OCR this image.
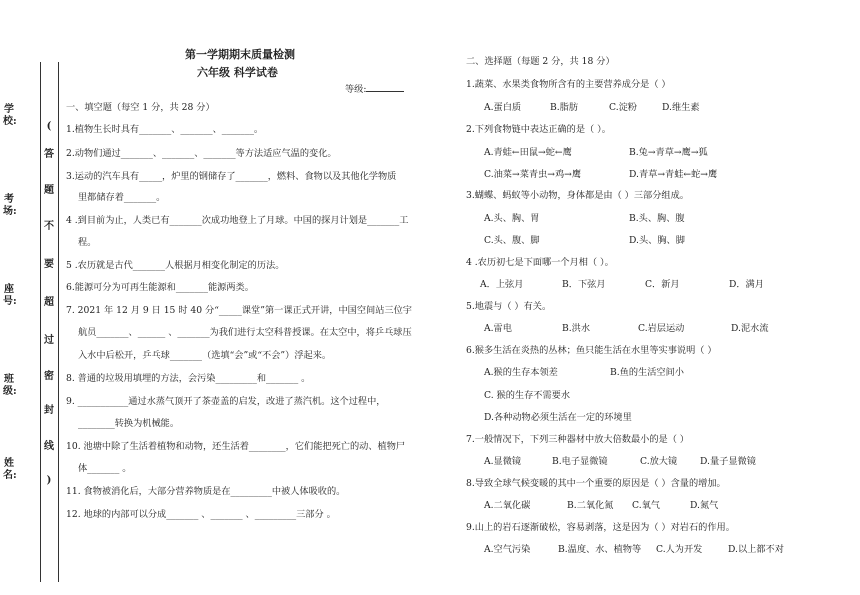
学校:
考场:
座号:
班级:
姓名:
(
答
题
不
要
超
过
密
封
线
)
第一学期期末质量检测
六年级 科学试卷
等级:
一、填空题（每空 1 分，共 28 分）
1.植物生长时具有_______、_______、_______。
2.动物们通过_______、_______、_______等方法适应气温的变化。
3.运动的汽车具有_____，炉里的钢储存了_______，燃料、食物以及其他化学物质
里都储存着_______。
4 .到目前为止，人类已有_______次成功地登上了月球。中国的探月计划是_______工
程。
5 .农历就是古代_______人根据月相变化制定的历法。
6.能源可分为可再生能源和_______能源两类。
7. 2021 年 12 月 9 日 15 时 40 分“_____课堂”第一课正式开讲，中国空间站三位宇
航员_______、______ 、_______为我们进行太空科普授课。在太空中，将乒乓球压
入水中后松开，乒乓球_______（选填“会”或“不会”）浮起来。
8. 普通的垃圾用填埋的方法，会污染_________和_______ 。
9. ___________通过水蒸气顶开了茶壶盖的启发，改进了蒸汽机。这个过程中，
________转换为机械能。
10. 池塘中除了生活着植物和动物，还生活着________，它们能把死亡的动、植物尸
体_______ 。
11. 食物被消化后，大部分营养物质是在_________中被人体吸收的。
12. 地球的内部可以分成_______ 、_______ 、_________三部分 。
二、选择题（每题 2 分，共 18 分）
1.蔬菜、水果类食物所含有的主要营养成分是（ ）
A.蛋白质	B.脂肪	C.淀粉	D.维生素
2.下列食物链中表达正确的是（ ）。
A.青蛙←田鼠→蛇←鹰	B.兔→青草→鹰→狐
C.油菜→菜青虫→鸡→鹰	D.青草→青蛙←蛇→鹰
3.蝴蝶、蚂蚁等小动物，身体都是由（ ）三部分组成。
A.头、胸、胃	B.头、胸、腹
C.头、腹、脚	D.头、胸、脚
4 .农历初七是下面哪一个月相（ ）。
A．上弦月	B．下弦月	C．新月	D．满月
5.地震与（ ）有关。
A.雷电	B.洪水	C.岩层运动	D.泥水流
6.猴多生活在炎热的丛林；鱼只能生活在水里等实事说明（ ）
A.猴的生存本领差	B.鱼的生活空间小
C. 猴的生存不需要水
D.各种动物必须生活在一定的环境里
7.一般情况下，下列三种器材中放大倍数最小的是（ ）
A.显微镜	B.电子显微镜	C.放大镜 D.量子显微镜
8.导致全球气候变暖的其中一个重要的原因是（ ）含量的增加。
A.二氧化碳	B.二氧化氮 C.氧气	D.氮气
9.山上的岩石逐渐破松，容易剥落，这是因为（ ）对岩石的作用。
A.空气污染	B.温度、水、植物等 C.人为开发	D.以上都不对
